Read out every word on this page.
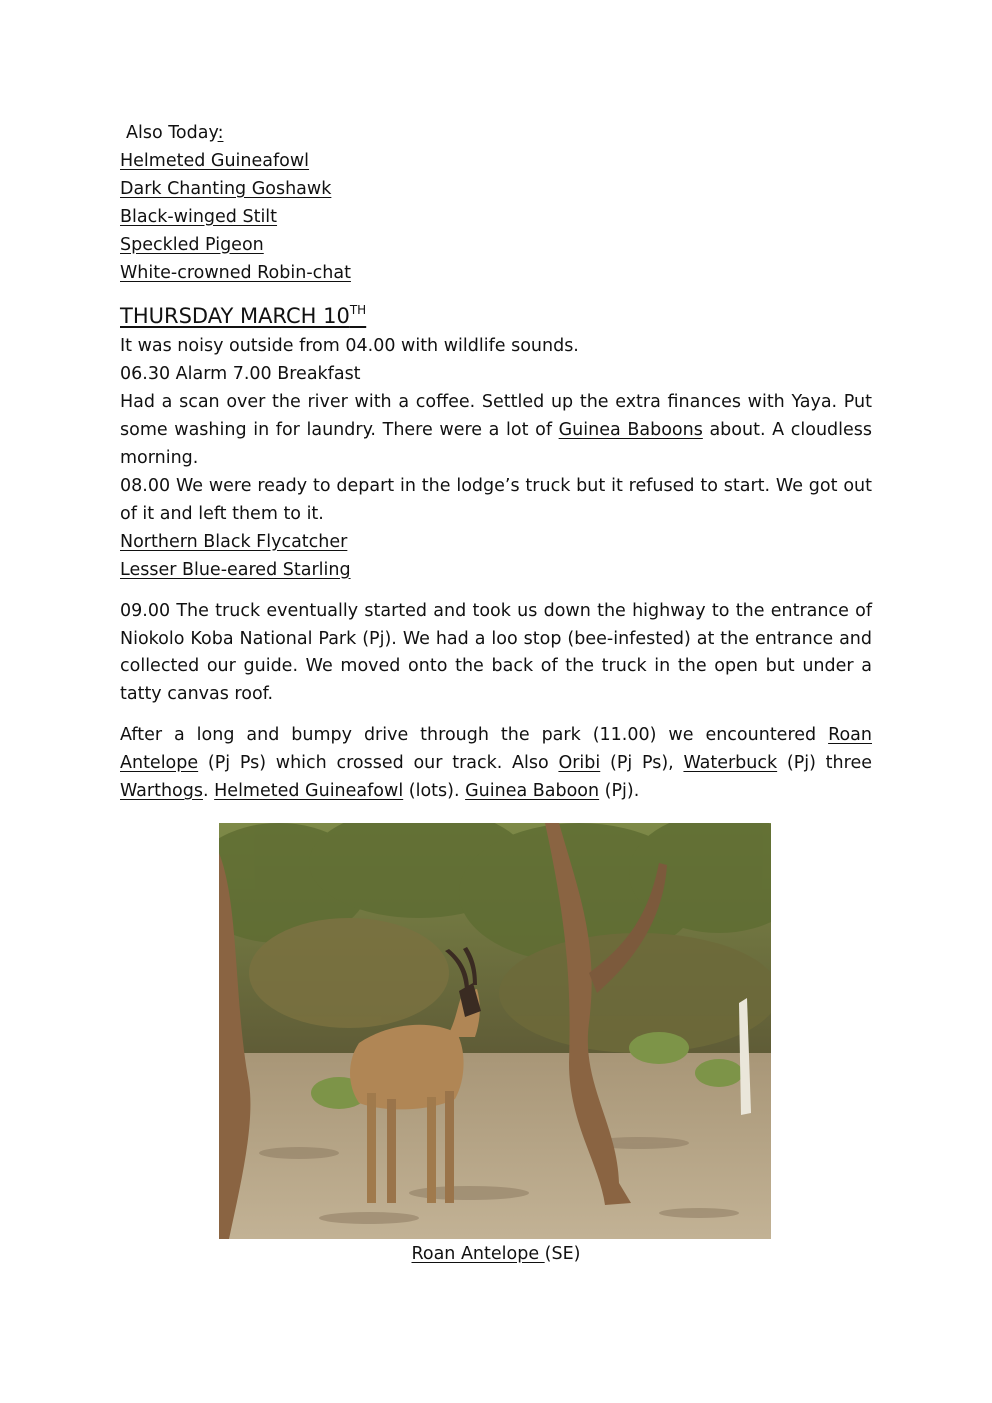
Also Today:
Helmeted Guineafowl
Dark Chanting Goshawk
Black-winged Stilt
Speckled Pigeon
White-crowned Robin-chat
THURSDAY MARCH 10TH
It was noisy outside from 04.00 with wildlife sounds.
06.30 Alarm 7.00 Breakfast
Had a scan over the river with a coffee. Settled up the extra finances with Yaya. Put some washing in for laundry. There were a lot of Guinea Baboons about. A cloudless morning.
08.00 We were ready to depart in the lodge’s truck but it refused to start. We got out of it and left them to it.
Northern Black Flycatcher
Lesser Blue-eared Starling
09.00 The truck eventually started and took us down the highway to the entrance of Niokolo Koba National Park (Pj). We had a loo stop (bee-infested) at the entrance and collected our guide. We moved onto the back of the truck in the open but under a tatty canvas roof.
After a long and bumpy drive through the park (11.00) we encountered Roan Antelope (Pj Ps) which crossed our track. Also Oribi (Pj Ps), Waterbuck (Pj) three Warthogs. Helmeted Guineafowl (lots). Guinea Baboon (Pj).
Roan Antelope (SE)
